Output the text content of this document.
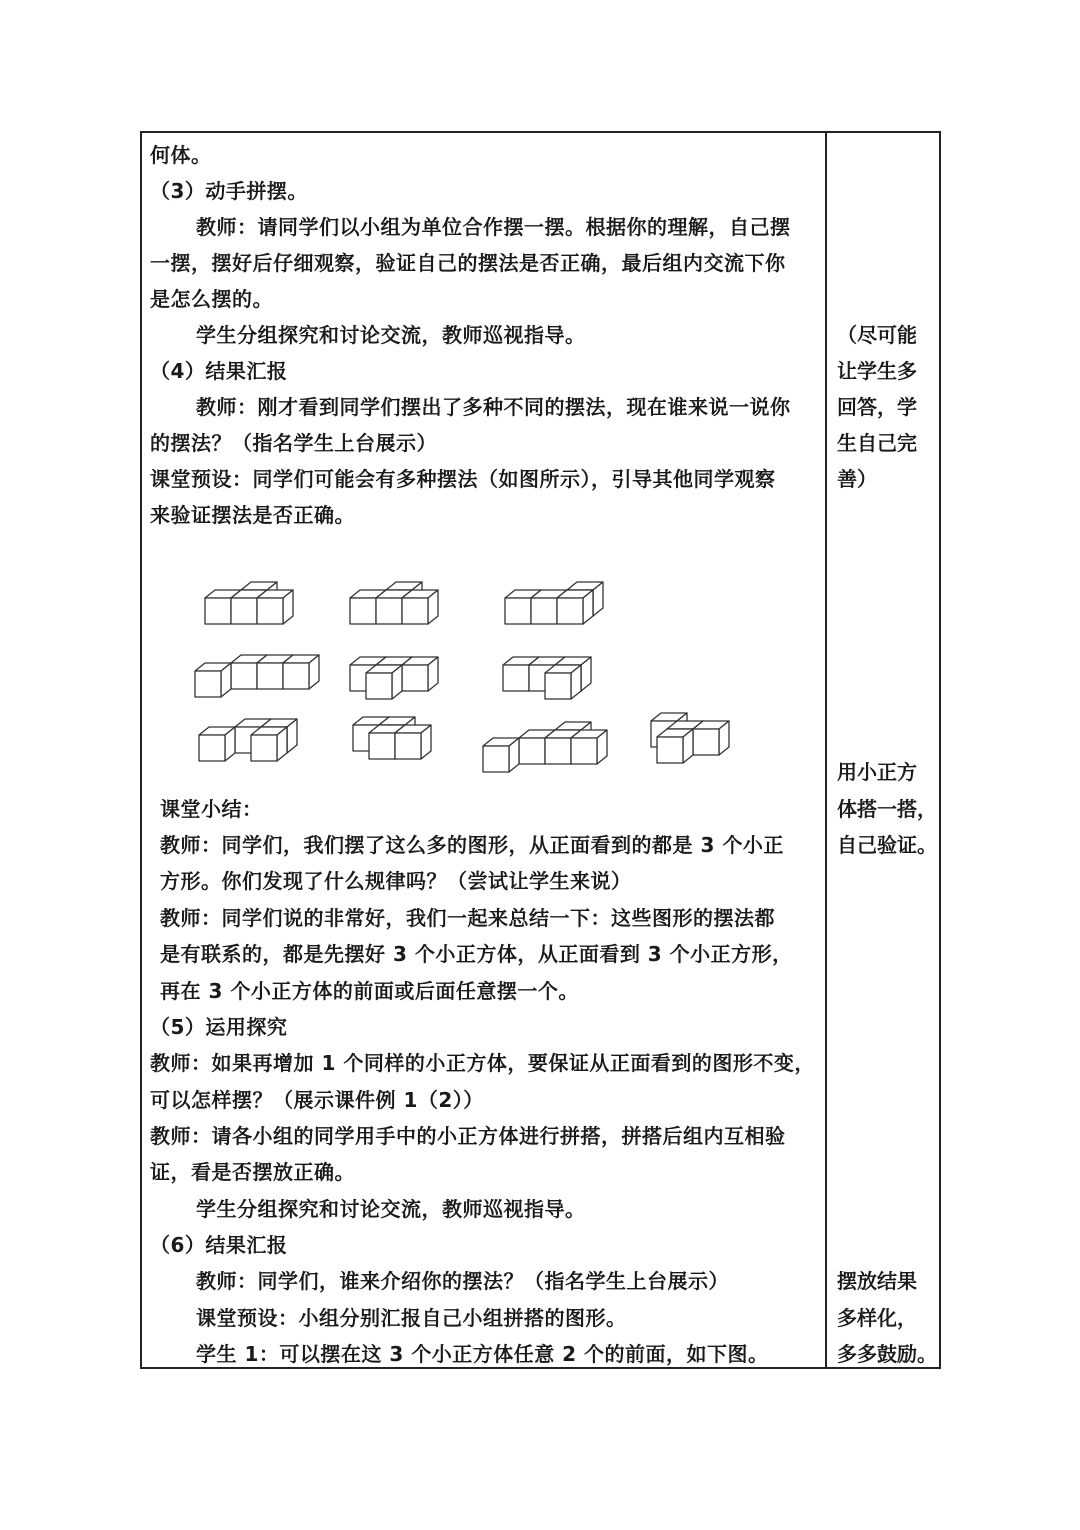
何体。
（3）动手拼摆。
教师：请同学们以小组为单位合作摆一摆。根据你的理解，自己摆
一摆，摆好后仔细观察，验证自己的摆法是否正确，最后组内交流下你
是怎么摆的。
学生分组探究和讨论交流，教师巡视指导。
（4）结果汇报
教师：刚才看到同学们摆出了多种不同的摆法，现在谁来说一说你
的摆法？（指名学生上台展示）
课堂预设：同学们可能会有多种摆法（如图所示），引导其他同学观察
来验证摆法是否正确。
课堂小结：
教师：同学们，我们摆了这么多的图形，从正面看到的都是 3 个小正
方形。你们发现了什么规律吗？（尝试让学生来说）
教师：同学们说的非常好，我们一起来总结一下：这些图形的摆法都
是有联系的，都是先摆好 3 个小正方体，从正面看到 3 个小正方形，
再在 3 个小正方体的前面或后面任意摆一个。
（5）运用探究
教师：如果再增加 1 个同样的小正方体，要保证从正面看到的图形不变，
可以怎样摆？（展示课件例 1（2））
教师：请各小组的同学用手中的小正方体进行拼搭，拼搭后组内互相验
证，看是否摆放正确。
学生分组探究和讨论交流，教师巡视指导。
（6）结果汇报
教师：同学们，谁来介绍你的摆法？（指名学生上台展示）
课堂预设：小组分别汇报自己小组拼搭的图形。
学生 1：可以摆在这 3 个小正方体任意 2 个的前面，如下图。
（尽可能
让学生多
回答，学
生自己完
善）
用小正方
体搭一搭，
自己验证。
摆放结果
多样化，
多多鼓励。
